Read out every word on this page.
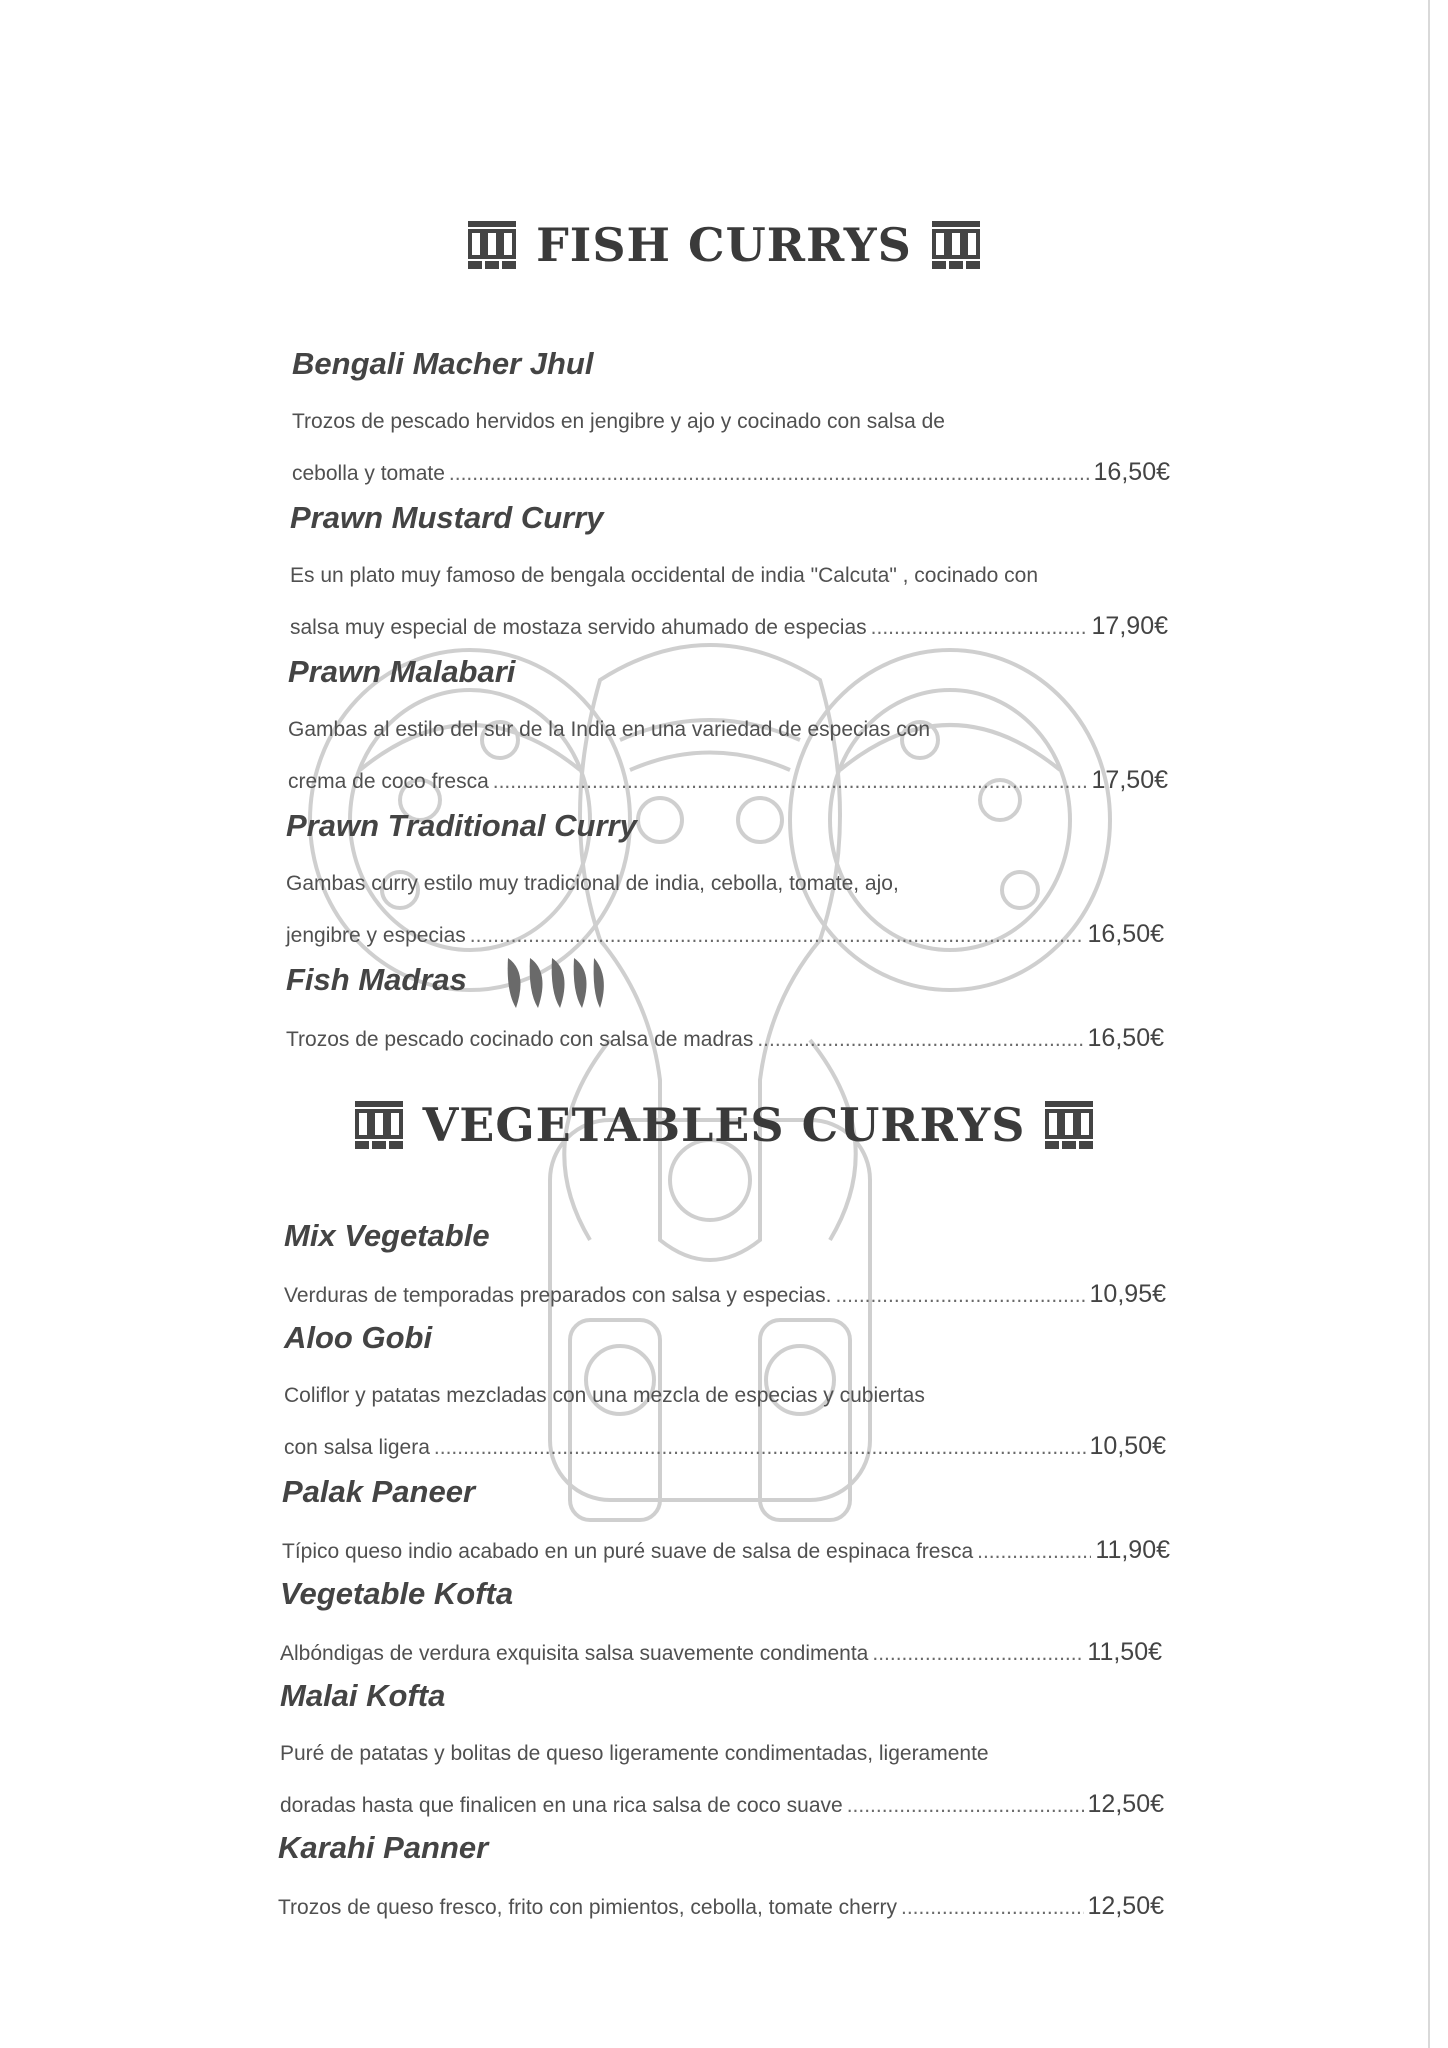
FISH CURRYS
Bengali Macher Jhul
Trozos de pescado hervidos en jengibre y ajo y cocinado con salsa de
cebolla y tomate .....	16,50€
Prawn Mustard Curry
Es un plato muy famoso de bengala occidental de india "Calcuta" , cocinado con
salsa muy especial de mostaza servido ahumado de especias .....	17,90€
Prawn Malabari
Gambas al estilo del sur de la India en una variedad de especias con
crema de coco fresca .....	17,50€
Prawn Traditional Curry
Gambas curry estilo muy tradicional de india, cebolla, tomate, ajo,
jengibre y especias .....	16,50€
Fish Madras
Trozos de pescado cocinado con salsa de madras .....	16,50€
VEGETABLES CURRYS
Mix Vegetable
Verduras de temporadas preparados con salsa y especias. .....	10,95€
Aloo Gobi
Coliflor y patatas mezcladas con una mezcla de especias y cubiertas
con salsa ligera .....	10,50€
Palak Paneer
Típico queso indio acabado en un puré suave de salsa de espinaca fresca .....	11,90€
Vegetable Kofta
Albóndigas de verdura exquisita salsa suavemente condimenta .....	11,50€
Malai Kofta
Puré de patatas y bolitas de queso ligeramente condimentadas, ligeramente
doradas hasta que finalicen en una rica salsa de coco suave .....	12,50€
Karahi Panner
Trozos de queso fresco, frito con pimientos, cebolla, tomate cherry .....	12,50€
